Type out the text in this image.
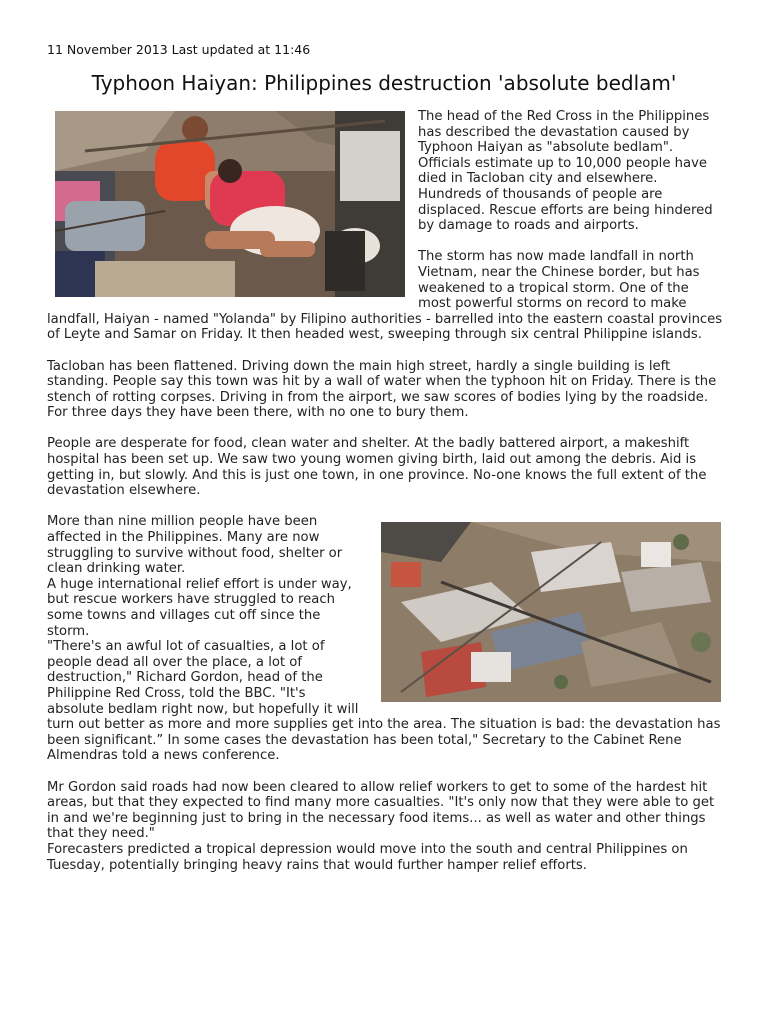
11 November 2013 Last updated at 11:46
Typhoon Haiyan: Philippines destruction 'absolute bedlam'

The head of the Red Cross in the Philippines has described the devastation caused by Typhoon Haiyan as "absolute bedlam". Officials estimate up to 10,000 people have died in Tacloban city and elsewhere. Hundreds of thousands of people are displaced. Rescue efforts are being hindered by damage to roads and airports.

The storm has now made landfall in north Vietnam, near the Chinese border, but has weakened to a tropical storm. One of the most powerful storms on record to make landfall, Haiyan - named "Yolanda" by Filipino authorities - barrelled into the eastern coastal provinces of Leyte and Samar on Friday. It then headed west, sweeping through six central Philippine islands.

Tacloban has been flattened. Driving down the main high street, hardly a single building is left standing. People say this town was hit by a wall of water when the typhoon hit on Friday. There is the stench of rotting corpses. Driving in from the airport, we saw scores of bodies lying by the roadside. For three days they have been there, with no one to bury them.

People are desperate for food, clean water and shelter. At the badly battered airport, a makeshift hospital has been set up. We saw two young women giving birth, laid out among the debris. Aid is getting in, but slowly. And this is just one town, in one province. No-one knows the full extent of the devastation elsewhere.

More than nine million people have been affected in the Philippines. Many are now struggling to survive without food, shelter or clean drinking water.
A huge international relief effort is under way, but rescue workers have struggled to reach some towns and villages cut off since the storm.
"There's an awful lot of casualties, a lot of people dead all over the place, a lot of destruction," Richard Gordon, head of the Philippine Red Cross, told the BBC. "It's absolute bedlam right now, but hopefully it will turn out better as more and more supplies get into the area. The situation is bad: the devastation has been significant.” In some cases the devastation has been total," Secretary to the Cabinet Rene Almendras told a news conference.

Mr Gordon said roads had now been cleared to allow relief workers to get to some of the hardest hit areas, but that they expected to find many more casualties. "It's only now that they were able to get in and we're beginning just to bring in the necessary food items... as well as water and other things that they need."
Forecasters predicted a tropical depression would move into the south and central Philippines on Tuesday, potentially bringing heavy rains that would further hamper relief efforts.
